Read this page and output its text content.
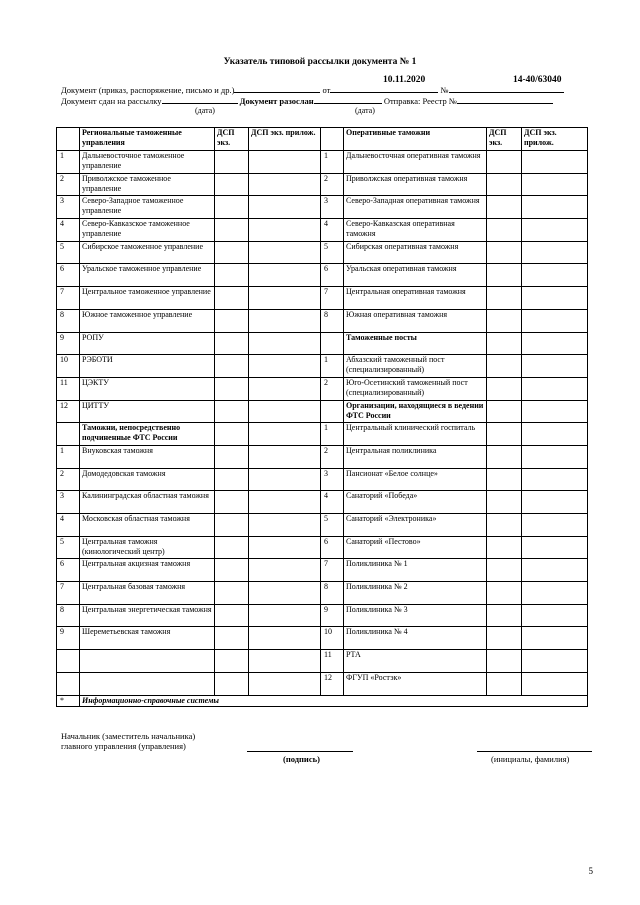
Указатель типовой рассылки документа № 1
Документ (приказ, распоряжение, письмо и др.)	от	№
10.11.2020	14-40/63040
Документ сдан на рассылку	Документ разослан	Отправка: Реестр №
(дата)	(дата)
	Региональные таможенные управления	ДСП экз.	ДСП экз. прилож.		Оперативные таможни	ДСП экз.	ДСП экз. прилож.
1	Дальневосточное таможенное управление			1	Дальневосточная оперативная таможня		
2	Приволжское таможенное управление			2	Приволжская оперативная таможня		
3	Северо-Западное таможенное управление			3	Северо-Западная оперативная таможня		
4	Северо-Кавказское таможенное управление			4	Северо-Кавказская оперативная таможня		
5	Сибирское таможенное управление			5	Сибирская оперативная таможня		
6	Уральское таможенное управление			6	Уральская оперативная таможня		
7	Центральное таможенное управление			7	Центральная оперативная таможня		
8	Южное таможенное управление			8	Южная оперативная таможня		
9	РОПУ				Таможенные посты		
10	РЭБОТИ			1	Абхазский таможенный пост (специализированный)		
11	ЦЭКТУ			2	Юго-Осетинский таможенный пост (специализированный)		
12	ЦИТТУ				Организации, находящиеся в ведении ФТС России		
	Таможни, непосредственно подчиненные ФТС России			1	Центральный клинический госпиталь		
1	Внуковская таможня			2	Центральная поликлиника		
2	Домодедовская таможня			3	Пансионат «Белое солнце»		
3	Калининградская областная таможня			4	Санаторий «Победа»		
4	Московская областная таможня			5	Санаторий «Электроника»		
5	Центральная таможня (кинологический центр)			6	Санаторий «Пестово»		
6	Центральная акцизная таможня			7	Поликлиника № 1		
7	Центральная базовая таможня			8	Поликлиника № 2		
8	Центральная энергетическая таможня			9	Поликлиника № 3		
9	Шереметьевская таможня			10	Поликлиника № 4		
				11	РТА		
				12	ФГУП «Ростэк»		
*	Информационно-справочные системы						
Начальник (заместитель начальника)
главного управления (управления)
(подпись)	(инициалы, фамилия)
5
